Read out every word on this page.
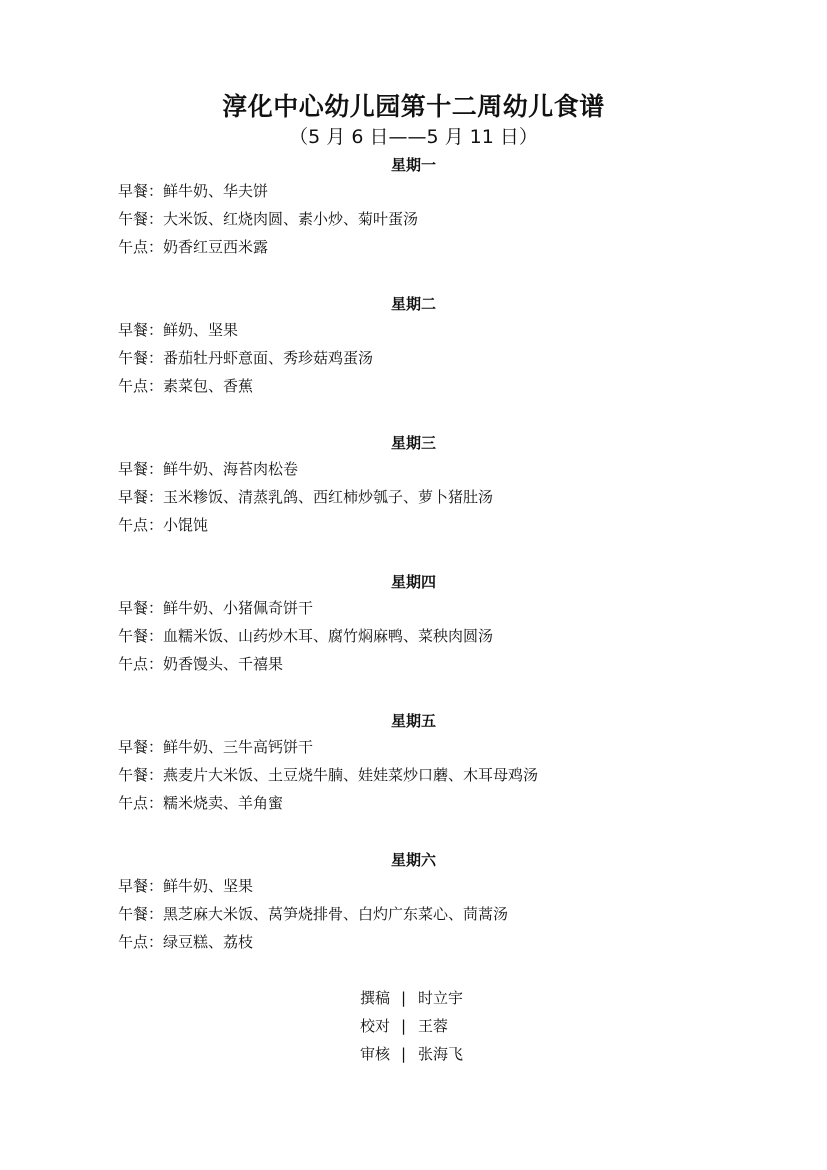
淳化中心幼儿园第十二周幼儿食谱
（5 月 6 日——5 月 11 日）
星期一
早餐：鲜牛奶、华夫饼
午餐：大米饭、红烧肉圆、素小炒、菊叶蛋汤
午点：奶香红豆西米露
星期二
早餐：鲜奶、坚果
午餐：番茄牡丹虾意面、秀珍菇鸡蛋汤
午点：素菜包、香蕉
星期三
早餐：鲜牛奶、海苔肉松卷
早餐：玉米糁饭、清蒸乳鸽、西红柿炒瓠子、萝卜猪肚汤
午点：小馄饨
星期四
早餐：鲜牛奶、小猪佩奇饼干
午餐：血糯米饭、山药炒木耳、腐竹焖麻鸭、菜秧肉圆汤
午点：奶香馒头、千禧果
星期五
早餐：鲜牛奶、三牛高钙饼干
午餐：燕麦片大米饭、土豆烧牛腩、娃娃菜炒口蘑、木耳母鸡汤
午点：糯米烧卖、羊角蜜
星期六
早餐：鲜牛奶、坚果
午餐：黑芝麻大米饭、莴笋烧排骨、白灼广东菜心、茼蒿汤
午点：绿豆糕、荔枝
撰稿 | 时立宇
校对 | 王蓉
审核 | 张海飞
